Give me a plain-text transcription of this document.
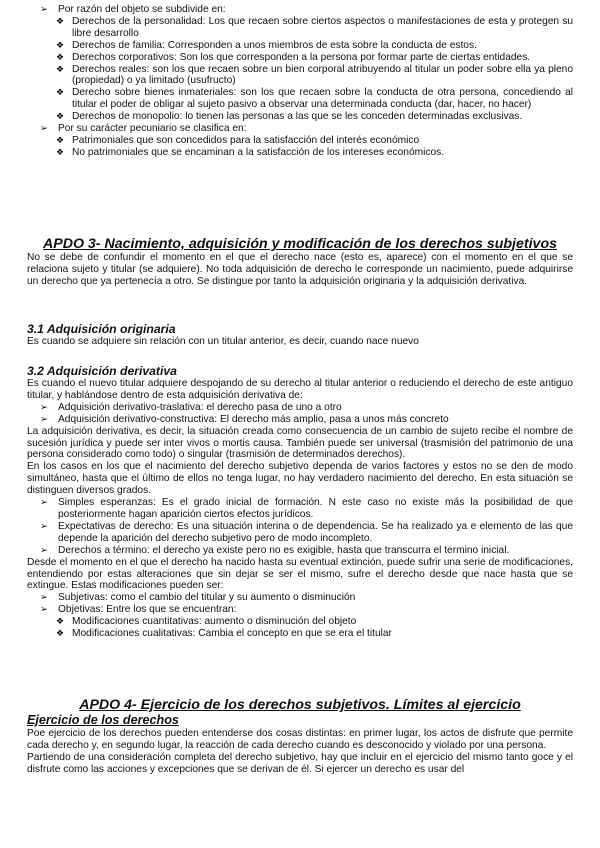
➢ Por razón del objeto se subdivide en:
❖ Derechos de la personalidad: Los que recaen sobre ciertos aspectos o manifestaciones de esta y protegen su libre desarrollo
❖ Derechos de familia: Corresponden a unos miembros de esta sobre la conducta de estos.
❖ Derechos corporativos: Son los que corresponden a la persona por formar parte de ciertas entidades.
❖ Derechos reales: son los que recaen sobre un bien corporal atribuyendo al titular un poder sobre ella ya pleno (propiedad) o ya limitado (usufructo)
❖ Derecho sobre bienes inmateriales: son los que recaen sobre la conducta de otra persona, concediendo al titular el poder de obligar al sujeto pasivo a observar una determinada conducta (dar, hacer, no hacer)
❖ Derechos de monopolio: lo tienen las personas a las que se les conceden determinadas exclusivas.
➢ Por su carácter pecuniario se clasifica en:
❖ Patrimoniales que son concedidos para la satisfacción del interés económico
❖ No patrimoniales que se encaminan a la satisfacción de los intereses económicos.

APDO 3- Nacimiento, adquisición y modificación de los derechos subjetivos

No se debe de confundir el momento en el que el derecho nace (esto es, aparece) con el momento en el que se relaciona sujeto y titular (se adquiere). No toda adquisición de derecho le corresponde un nacimiento, puede adquirirse un derecho que ya pertenecía a otro. Se distingue por tanto la adquisición originaria y la adquisición derivativa.

3.1 Adquisición originaria

Es cuando se adquiere sin relación con un titular anterior, es decir, cuando nace nuevo

3.2 Adquisición derivativa

Es cuando el nuevo titular adquiere despojando de su derecho al titular anterior o reduciendo el derecho de este antiguo titular, y hablándose dentro de esta adquisición derivativa de:

➢ Adquisición derivativo-traslativa: el derecho pasa de uno a otro
➢ Adquisición derivativo-constructiva: El derecho más amplio, pasa a unos más concreto

La adquisición derivativa, es decir, la situación creada como consecuencia de un cambio de sujeto recibe el nombre de sucesión jurídica y puede ser inter vivos o mortis causa. También puede ser universal (trasmisión del patrimonio de una persona considerado como todo) o singular (trasmisión de determinados derechos).

En los casos en los que el nacimiento del derecho subjetivo dependa de varios factores y estos no se den de modo simultáneo, hasta que el último de ellos no tenga lugar, no hay verdadero nacimiento del derecho. En esta situación se distinguen diversos grados.

➢ Simples esperanzas: Es el grado inicial de formación. N este caso no existe más la posibilidad de que posteriormente hagan aparición ciertos efectos jurídicos.
➢ Expectativas de derecho: Es una situación interina o de dependencia. Se ha realizado ya e elemento de las que depende la aparición del derecho subjetivo pero de modo incompleto.
➢ Derechos a término: el derecho ya existe pero no es exigible, hasta que transcurra el termino inicial.

Desde el momento en el que el derecho ha nacido hasta su eventual extinción, puede sufrir una serie de modificaciones, entendiendo por estas alteraciones que sin dejar se ser el mismo, sufre el derecho desde que nace hasta que se extingue. Estas modificaciones pueden ser:

➢ Subjetivas: como el cambio del titular y su aumento o disminución
➢ Objetivas: Entre los que se encuentran:
❖ Modificaciones cuantitativas: aumento o disminución del objeto
❖ Modificaciones cualitativas: Cambia el concepto en que se era el titular

APDO 4- Ejercicio de los derechos subjetivos. Límites al ejercicio

Ejercicio de los derechos

Poe ejercicio de los derechos pueden entenderse dos cosas distintas: en primer lugar, los actos de disfrute que permite cada derecho y, en segundo lugar, la reacción de cada derecho cuando es desconocido y violado por una persona.

Partiendo de una consideración completa del derecho subjetivo, hay que incluir en el ejercicio del mismo tanto goce y el disfrute como las acciones y excepciones que se derivan de él. Si ejercer un derecho es usar del
